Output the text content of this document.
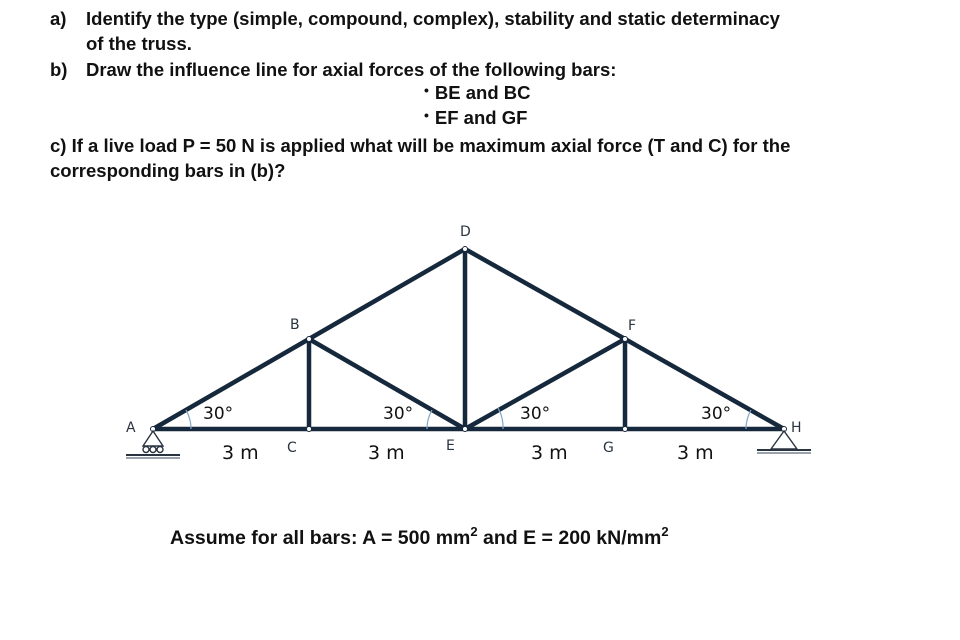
a) Identify the type (simple, compound, complex), stability and static determinacy
of the truss.
b) Draw the influence line for axial forces of the following bars:
• BE and BC
• EF and GF
c) If a live load P = 50 N is applied what will be maximum axial force (T and C) for the
corresponding bars in (b)?
A
B
C
D
E
F
G
H
30°	30°	30°	30°
3 m	3 m	3 m	3 m
Assume for all bars: A = 500 $mm^2$ and E = 200 $kN/mm^2$
